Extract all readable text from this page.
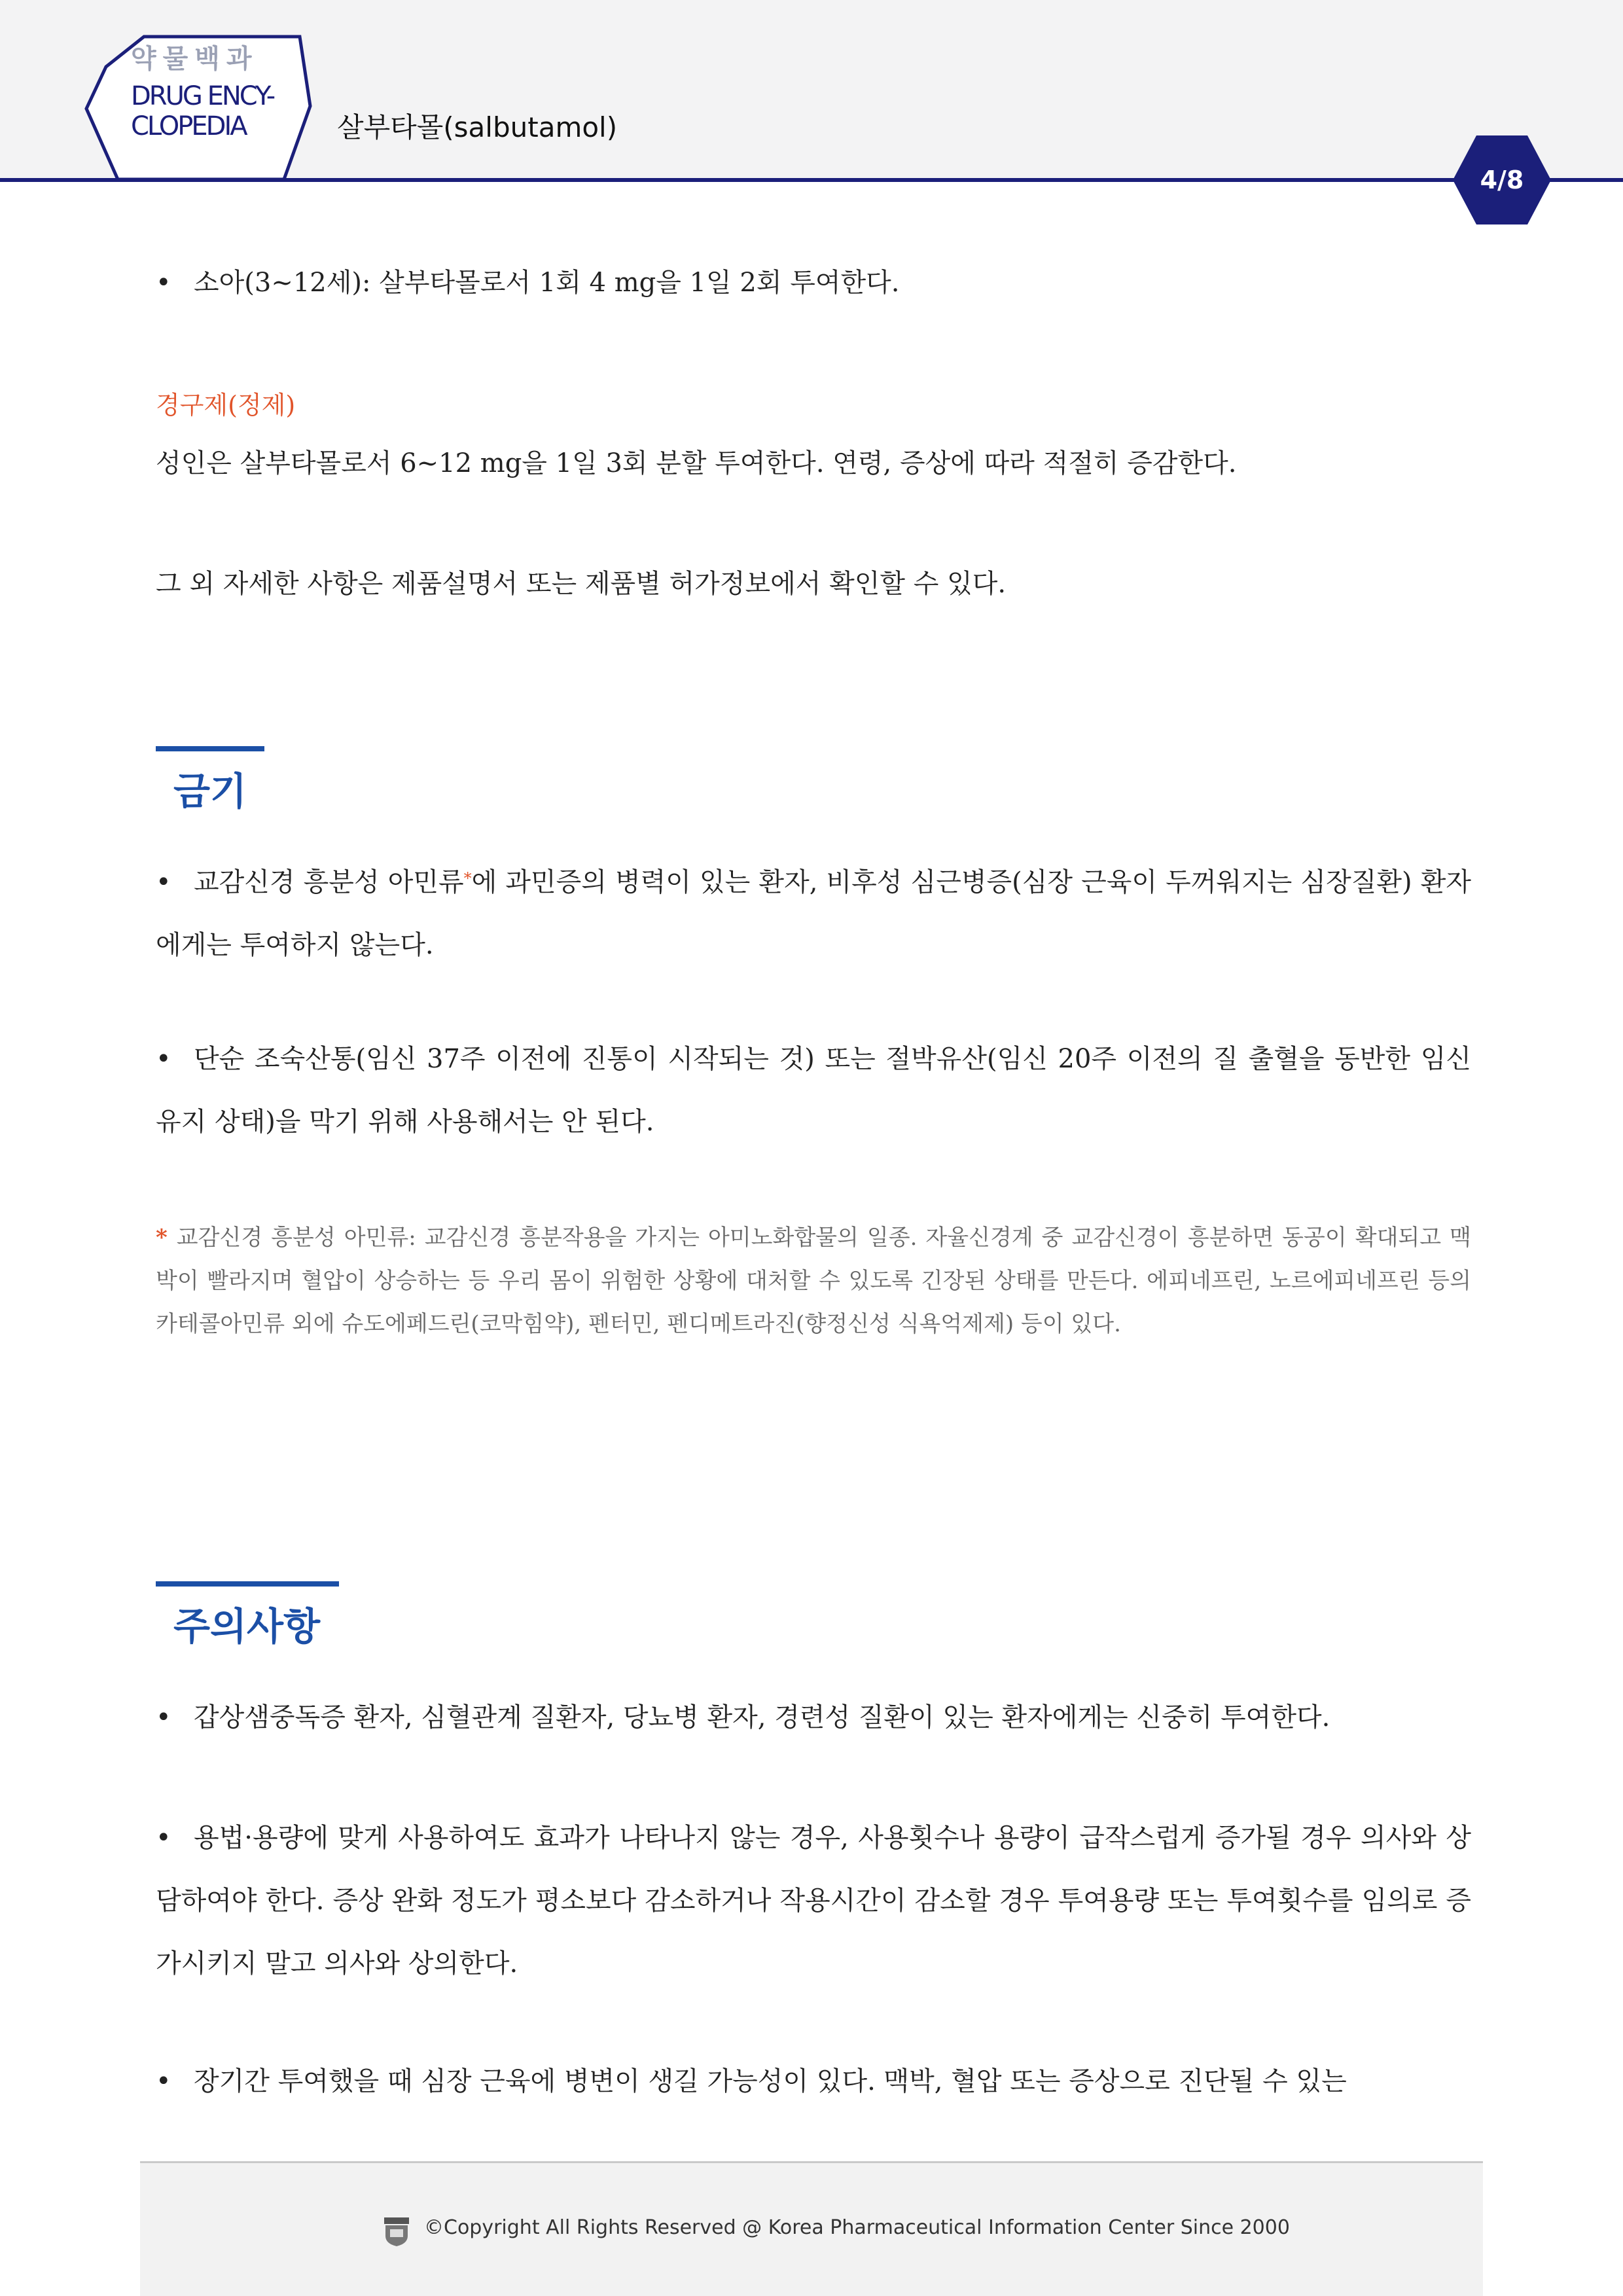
약물백과
DRUG ENCY-
CLOPEDIA	살부타몰(salbutamol)
4/8
• 소아(3~12세): 살부타몰로서 1회 4 mg을 1일 2회 투여한다.
경구제(정제)
성인은 살부타몰로서 6~12 mg을 1일 3회 분할 투여한다. 연령, 증상에 따라 적절히 증감한다.
그 외 자세한 사항은 제품설명서 또는 제품별 허가정보에서 확인할 수 있다.
금기
• 교감신경 흥분성 아민류*에 과민증의 병력이 있는 환자, 비후성 심근병증(심장 근육이 두꺼워지는 심장질환) 환자에게는 투여하지 않는다.
• 단순 조숙산통(임신 37주 이전에 진통이 시작되는 것) 또는 절박유산(임신 20주 이전의 질 출혈을 동반한 임신 유지 상태)을 막기 위해 사용해서는 안 된다.
* 교감신경 흥분성 아민류: 교감신경 흥분작용을 가지는 아미노화합물의 일종. 자율신경계 중 교감신경이 흥분하면 동공이 확대되고 맥박이 빨라지며 혈압이 상승하는 등 우리 몸이 위험한 상황에 대처할 수 있도록 긴장된 상태를 만든다. 에피네프린, 노르에피네프린 등의 카테콜아민류 외에 슈도에페드린(코막힘약), 펜터민, 펜디메트라진(향정신성 식욕억제제) 등이 있다.
주의사항
• 갑상샘중독증 환자, 심혈관계 질환자, 당뇨병 환자, 경련성 질환이 있는 환자에게는 신중히 투여한다.
• 용법·용량에 맞게 사용하여도 효과가 나타나지 않는 경우, 사용횟수나 용량이 급작스럽게 증가될 경우 의사와 상담하여야 한다. 증상 완화 정도가 평소보다 감소하거나 작용시간이 감소할 경우 투여용량 또는 투여횟수를 임의로 증가시키지 말고 의사와 상의한다.
• 장기간 투여했을 때 심장 근육에 병변이 생길 가능성이 있다. 맥박, 혈압 또는 증상으로 진단될 수 있는
©Copyright All Rights Reserved @ Korea Pharmaceutical Information Center Since 2000
